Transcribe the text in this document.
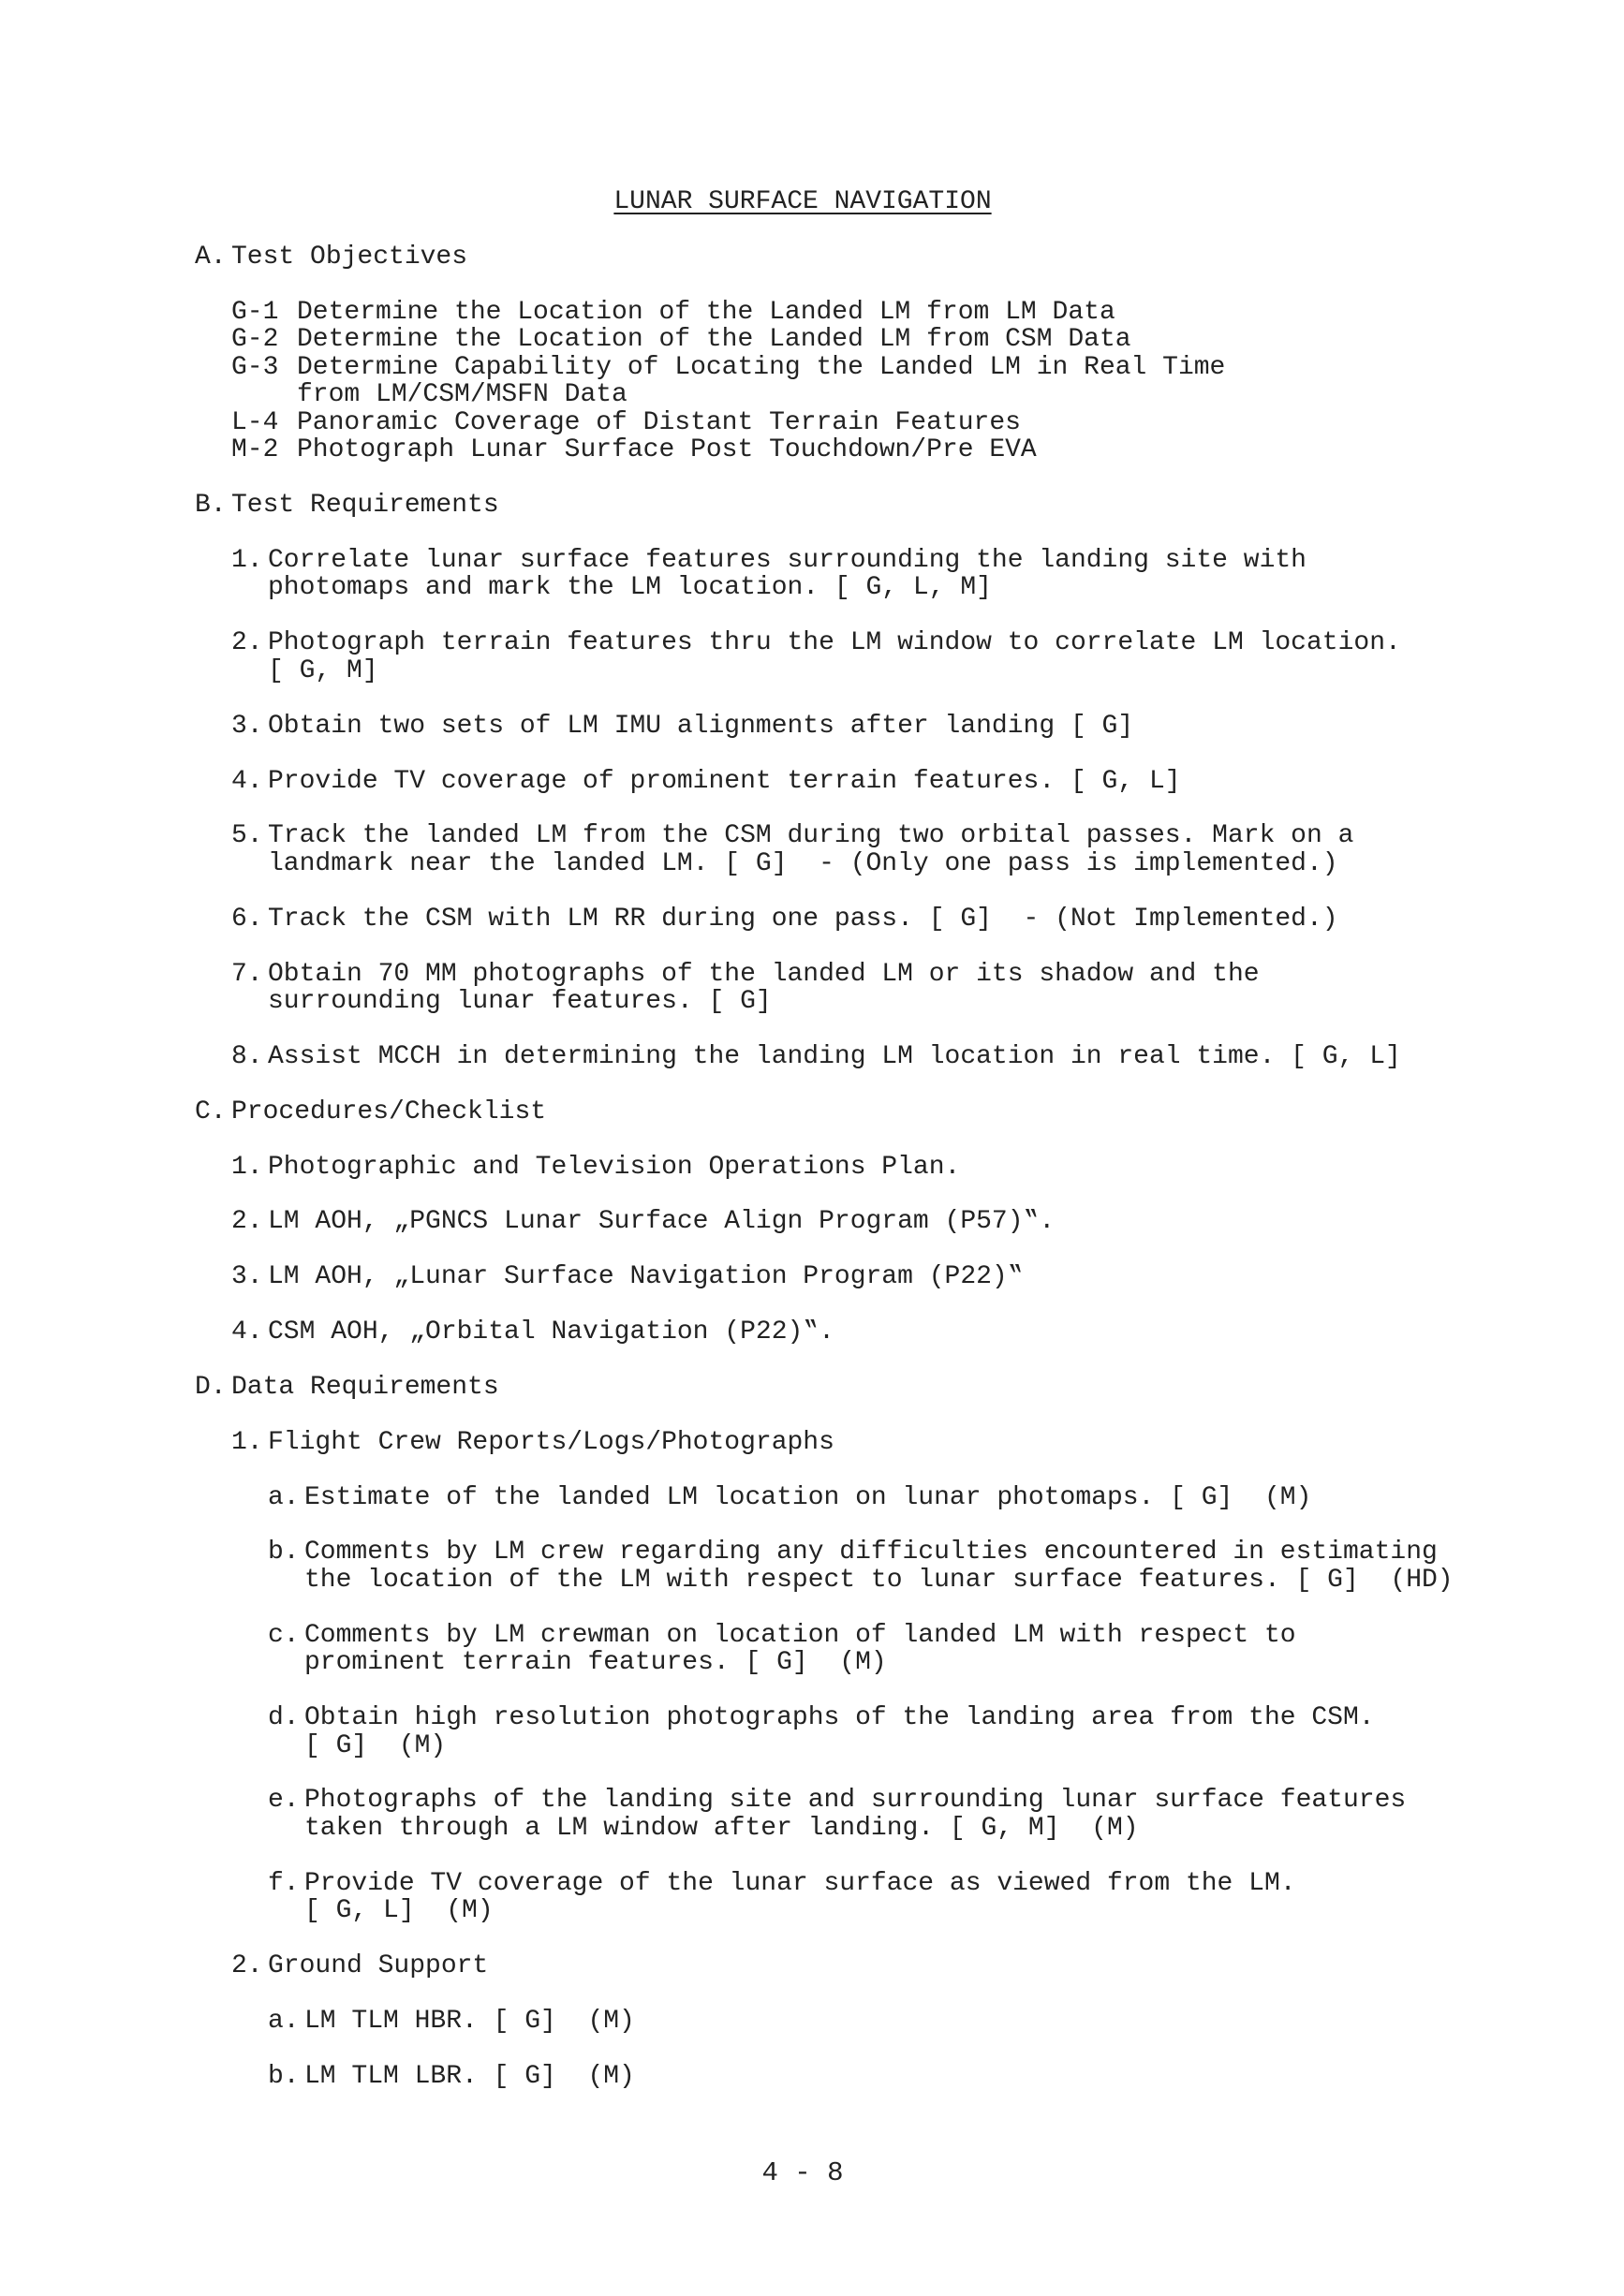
LUNAR SURFACE NAVIGATION
A. Test Objectives
G-1 Determine the Location of the Landed LM from LM Data
G-2 Determine the Location of the Landed LM from CSM Data
G-3 Determine Capability of Locating the Landed LM in Real Time
from LM/CSM/MSFN Data
L-4 Panoramic Coverage of Distant Terrain Features
M-2 Photograph Lunar Surface Post Touchdown/Pre EVA
B. Test Requirements
1. Correlate lunar surface features surrounding the landing site with
photomaps and mark the LM location. [ G, L, M]
2. Photograph terrain features thru the LM window to correlate LM location.
[ G, M]
3. Obtain two sets of LM IMU alignments after landing [ G]
4. Provide TV coverage of prominent terrain features. [ G, L]
5. Track the landed LM from the CSM during two orbital passes. Mark on a
landmark near the landed LM. [ G]  - (Only one pass is implemented.)
6. Track the CSM with LM RR during one pass. [ G]  - (Not Implemented.)
7. Obtain 70 MM photographs of the landed LM or its shadow and the
surrounding lunar features. [ G]
8. Assist MCCH in determining the landing LM location in real time. [ G, L]
C. Procedures/Checklist
1. Photographic and Television Operations Plan.
2. LM AOH, „PGNCS Lunar Surface Align Program (P57)‟.
3. LM AOH, „Lunar Surface Navigation Program (P22)‟
4. CSM AOH, „Orbital Navigation (P22)‟.
D. Data Requirements
1. Flight Crew Reports/Logs/Photographs
a. Estimate of the landed LM location on lunar photomaps. [ G]  (M)
b. Comments by LM crew regarding any difficulties encountered in estimating
the location of the LM with respect to lunar surface features. [ G]  (HD)
c. Comments by LM crewman on location of landed LM with respect to
prominent terrain features. [ G]  (M)
d. Obtain high resolution photographs of the landing area from the CSM.
[ G]  (M)
e. Photographs of the landing site and surrounding lunar surface features
taken through a LM window after landing. [ G, M]  (M)
f. Provide TV coverage of the lunar surface as viewed from the LM.
[ G, L]  (M)
2. Ground Support
a. LM TLM HBR. [ G]  (M)
b. LM TLM LBR. [ G]  (M)
4 - 8
